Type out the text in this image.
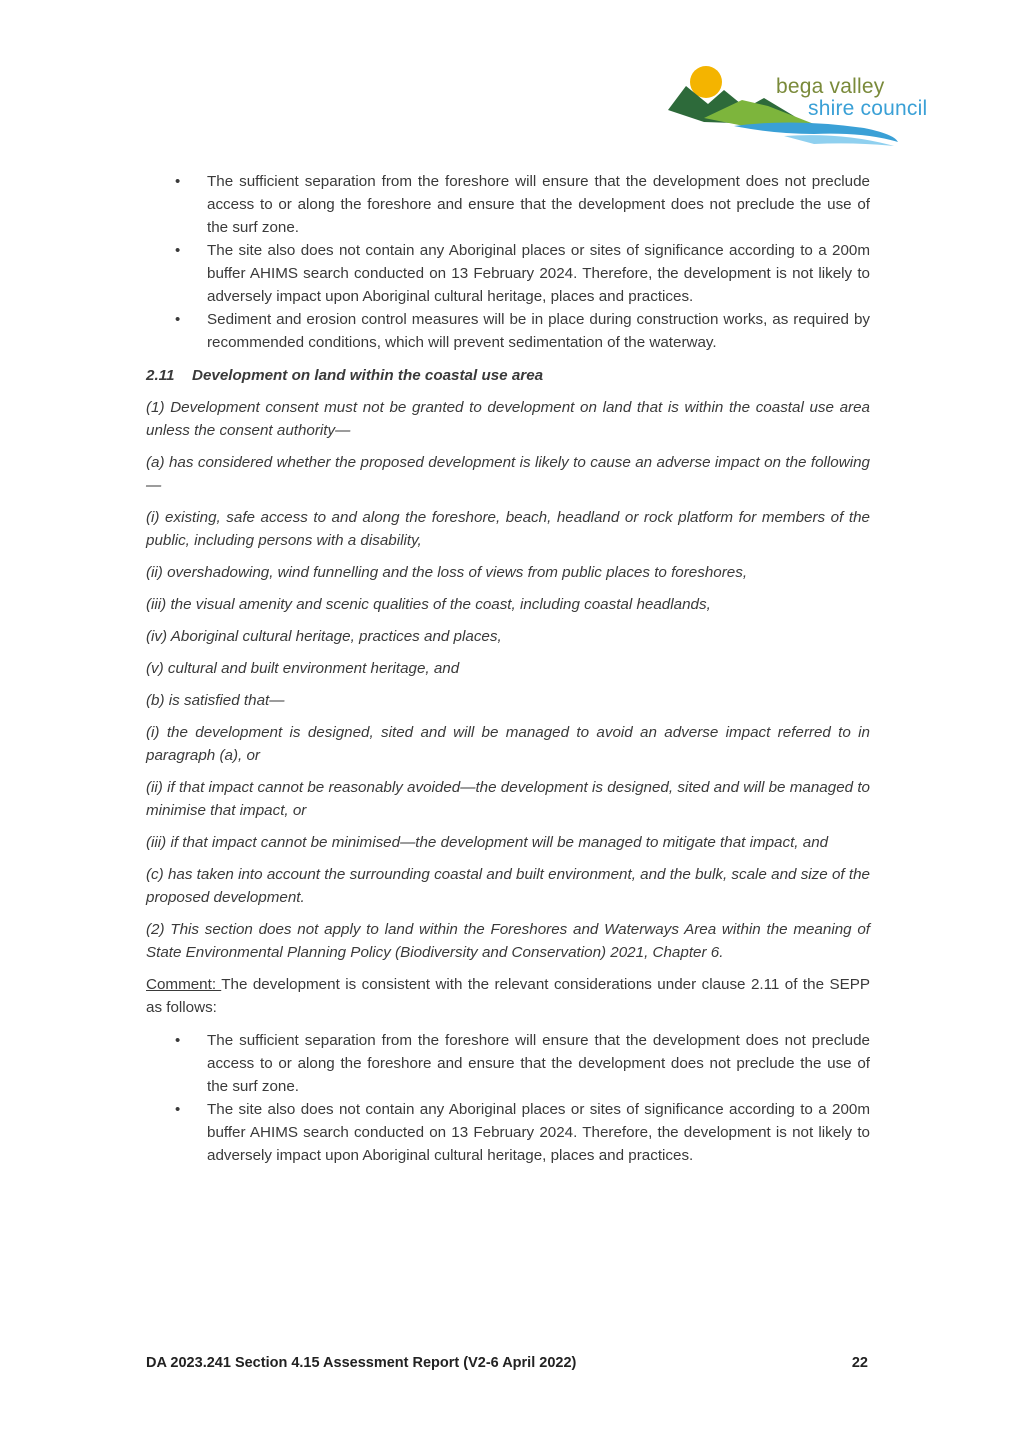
bega valley
shire council
• The sufficient separation from the foreshore will ensure that the development does not preclude access to or along the foreshore and ensure that the development does not preclude the use of the surf zone.
• The site also does not contain any Aboriginal places or sites of significance according to a 200m buffer AHIMS search conducted on 13 February 2024. Therefore, the development is not likely to adversely impact upon Aboriginal cultural heritage, places and practices.
• Sediment and erosion control measures will be in place during construction works, as required by recommended conditions, which will prevent sedimentation of the waterway.
2.11 Development on land within the coastal use area

(1) Development consent must not be granted to development on land that is within the coastal use area unless the consent authority—

(a) has considered whether the proposed development is likely to cause an adverse impact on the following—

(i) existing, safe access to and along the foreshore, beach, headland or rock platform for members of the public, including persons with a disability,

(ii) overshadowing, wind funnelling and the loss of views from public places to foreshores,

(iii) the visual amenity and scenic qualities of the coast, including coastal headlands,

(iv) Aboriginal cultural heritage, practices and places,

(v) cultural and built environment heritage, and

(b) is satisfied that—

(i) the development is designed, sited and will be managed to avoid an adverse impact referred to in paragraph (a), or

(ii) if that impact cannot be reasonably avoided—the development is designed, sited and will be managed to minimise that impact, or

(iii) if that impact cannot be minimised—the development will be managed to mitigate that impact, and

(c) has taken into account the surrounding coastal and built environment, and the bulk, scale and size of the proposed development.

(2) This section does not apply to land within the Foreshores and Waterways Area within the meaning of State Environmental Planning Policy (Biodiversity and Conservation) 2021, Chapter 6.

Comment: The development is consistent with the relevant considerations under clause 2.11 of the SEPP as follows:

• The sufficient separation from the foreshore will ensure that the development does not preclude access to or along the foreshore and ensure that the development does not preclude the use of the surf zone.
• The site also does not contain any Aboriginal places or sites of significance according to a 200m buffer AHIMS search conducted on 13 February 2024. Therefore, the development is not likely to adversely impact upon Aboriginal cultural heritage, places and practices.
DA 2023.241 Section 4.15 Assessment Report (V2-6 April 2022)	22
